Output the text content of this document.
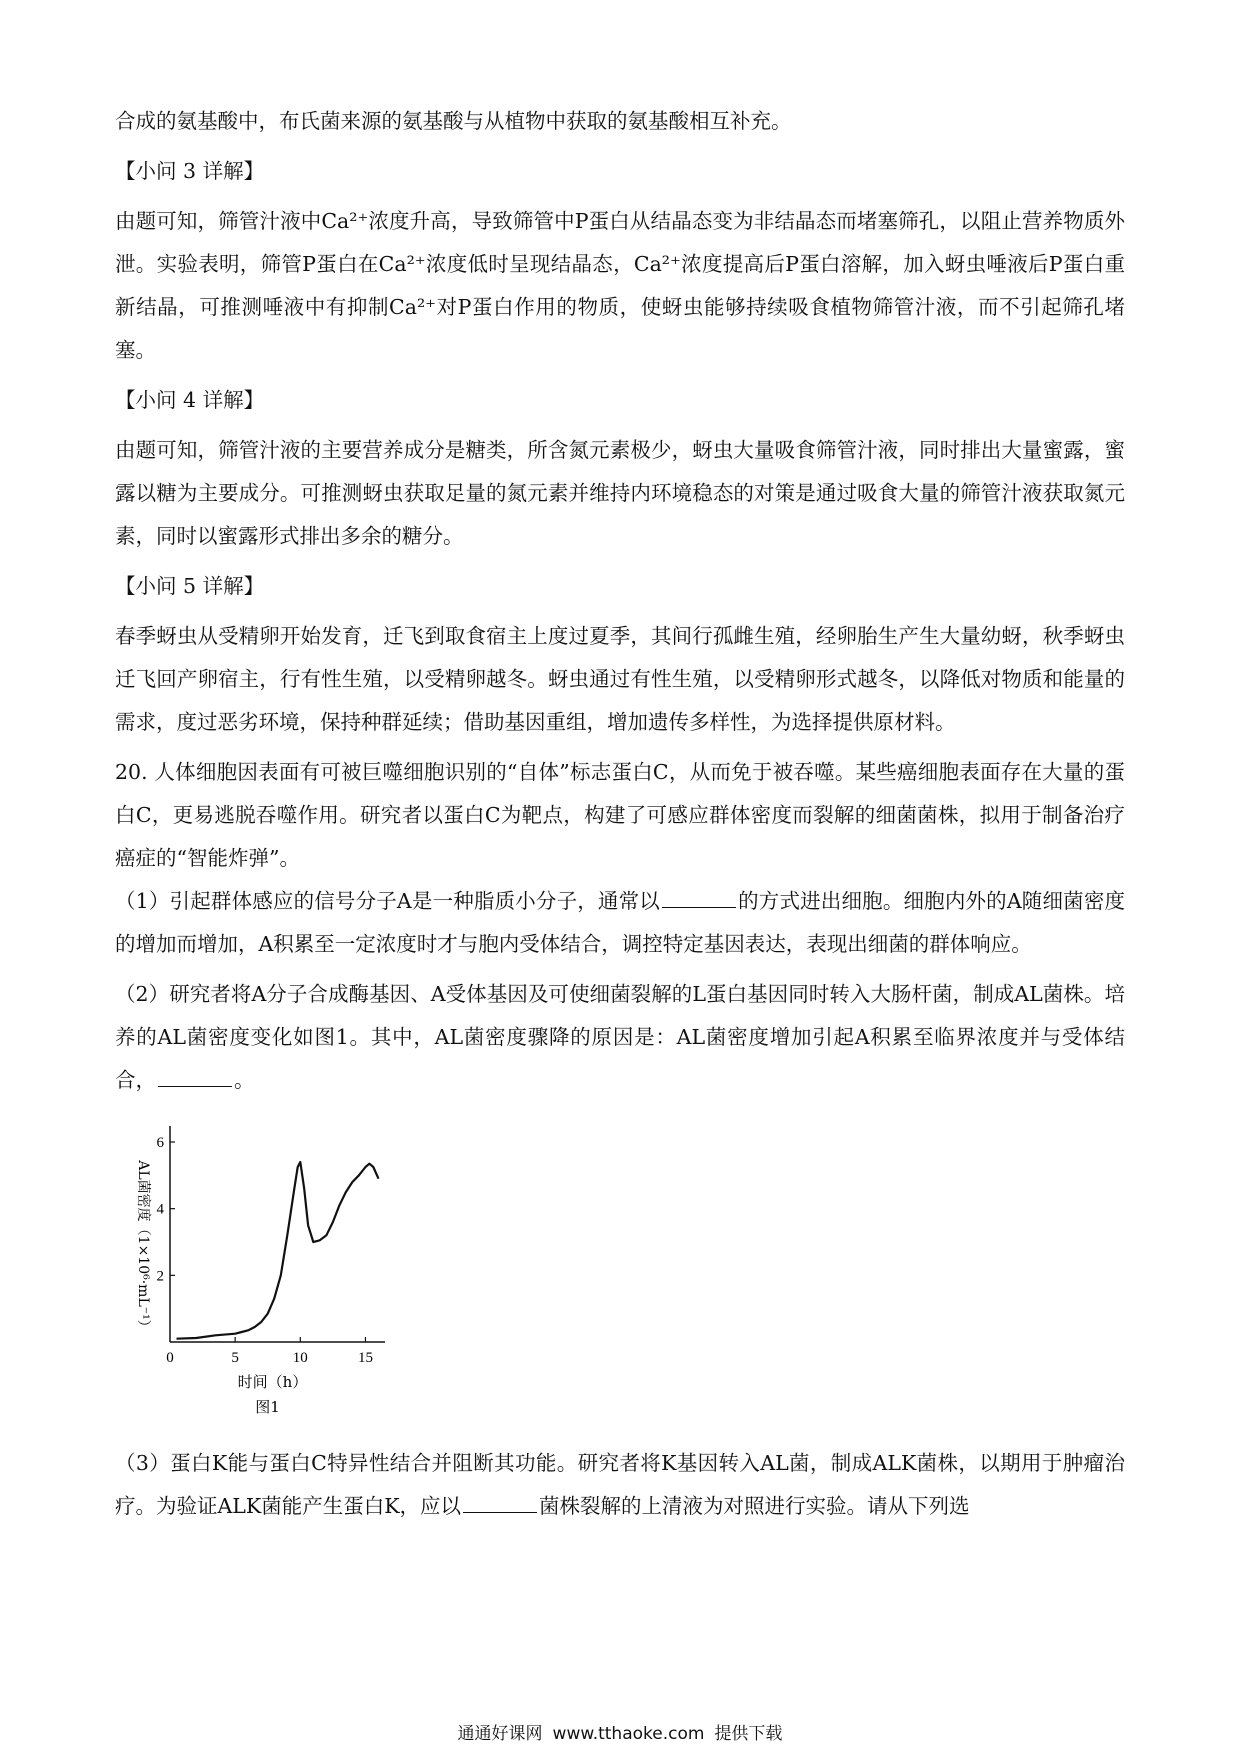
合成的氨基酸中，布氏菌来源的氨基酸与从植物中获取的氨基酸相互补充。

【小问 3 详解】

由题可知，筛管汁液中Ca²⁺浓度升高，导致筛管中P蛋白从结晶态变为非结晶态而堵塞筛孔，以阻止营养物质外泄。实验表明，筛管P蛋白在Ca²⁺浓度低时呈现结晶态，Ca²⁺浓度提高后P蛋白溶解，加入蚜虫唾液后P蛋白重新结晶，可推测唾液中有抑制Ca²⁺对P蛋白作用的物质，使蚜虫能够持续吸食植物筛管汁液，而不引起筛孔堵塞。

【小问 4 详解】

由题可知，筛管汁液的主要营养成分是糖类，所含氮元素极少，蚜虫大量吸食筛管汁液，同时排出大量蜜露，蜜露以糖为主要成分。可推测蚜虫获取足量的氮元素并维持内环境稳态的对策是通过吸食大量的筛管汁液获取氮元素，同时以蜜露形式排出多余的糖分。

【小问 5 详解】

春季蚜虫从受精卵开始发育，迁飞到取食宿主上度过夏季，其间行孤雌生殖，经卵胎生产生大量幼蚜，秋季蚜虫迁飞回产卵宿主，行有性生殖，以受精卵越冬。蚜虫通过有性生殖，以受精卵形式越冬，以降低对物质和能量的需求，度过恶劣环境，保持种群延续；借助基因重组，增加遗传多样性，为选择提供原材料。

20. 人体细胞因表面有可被巨噬细胞识别的“自体”标志蛋白C，从而免于被吞噬。某些癌细胞表面存在大量的蛋白C，更易逃脱吞噬作用。研究者以蛋白C为靶点，构建了可感应群体密度而裂解的细菌菌株，拟用于制备治疗癌症的“智能炸弹”。

（1）引起群体感应的信号分子A是一种脂质小分子，通常以	的方式进出细胞。细胞内外的A随细菌密度的增加而增加，A积累至一定浓度时才与胞内受体结合，调控特定基因表达，表现出细菌的群体响应。

（2）研究者将A分子合成酶基因、A受体基因及可使细菌裂解的L蛋白基因同时转入大肠杆菌，制成AL菌株。培养的AL菌密度变化如图1。其中，AL菌密度骤降的原因是：AL菌密度增加引起A积累至临界浓度并与受体结合，	。

0	5	10	15
2
4
6
时间（h）
AL菌密度（1×10⁶·mL⁻¹）
图1

（3）蛋白K能与蛋白C特异性结合并阻断其功能。研究者将K基因转入AL菌，制成ALK菌株，以期用于肿瘤治疗。为验证ALK菌能产生蛋白K，应以	菌株裂解的上清液为对照进行实验。请从下列选

通通好课网 www.tthaoke.com 提供下载
